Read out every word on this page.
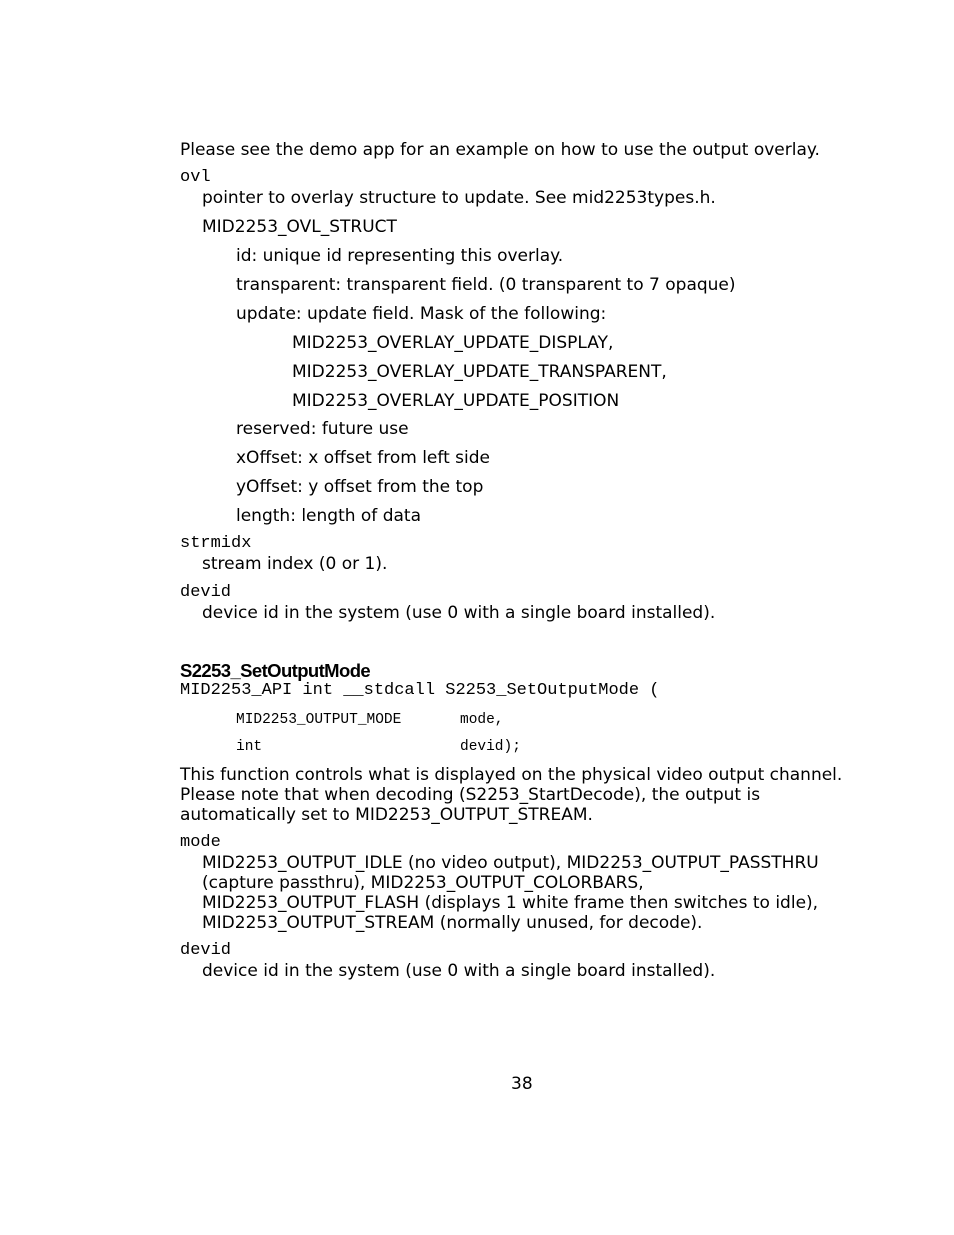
Please see the demo app for an example on how to use the output overlay.
ovl
pointer to overlay structure to update. See mid2253types.h.
MID2253_OVL_STRUCT
id: unique id representing this overlay.
transparent: transparent field. (0 transparent to 7 opaque)
update: update field. Mask of the following:
MID2253_OVERLAY_UPDATE_DISPLAY,
MID2253_OVERLAY_UPDATE_TRANSPARENT,
MID2253_OVERLAY_UPDATE_POSITION
reserved: future use
xOffset: x offset from left side
yOffset: y offset from the top
length: length of data
strmidx
stream index (0 or 1).
devid
device id in the system (use 0 with a single board installed).
S2253_SetOutputMode
MID2253_API int __stdcall S2253_SetOutputMode (
MID2253_OUTPUT_MODE	mode,
int	devid);
This function controls what is displayed on the physical video output channel.
Please note that when decoding (S2253_StartDecode), the output is
automatically set to MID2253_OUTPUT_STREAM.
mode
MID2253_OUTPUT_IDLE (no video output), MID2253_OUTPUT_PASSTHRU
(capture passthru), MID2253_OUTPUT_COLORBARS,
MID2253_OUTPUT_FLASH (displays 1 white frame then switches to idle),
MID2253_OUTPUT_STREAM (normally unused, for decode).
devid
device id in the system (use 0 with a single board installed).
38
